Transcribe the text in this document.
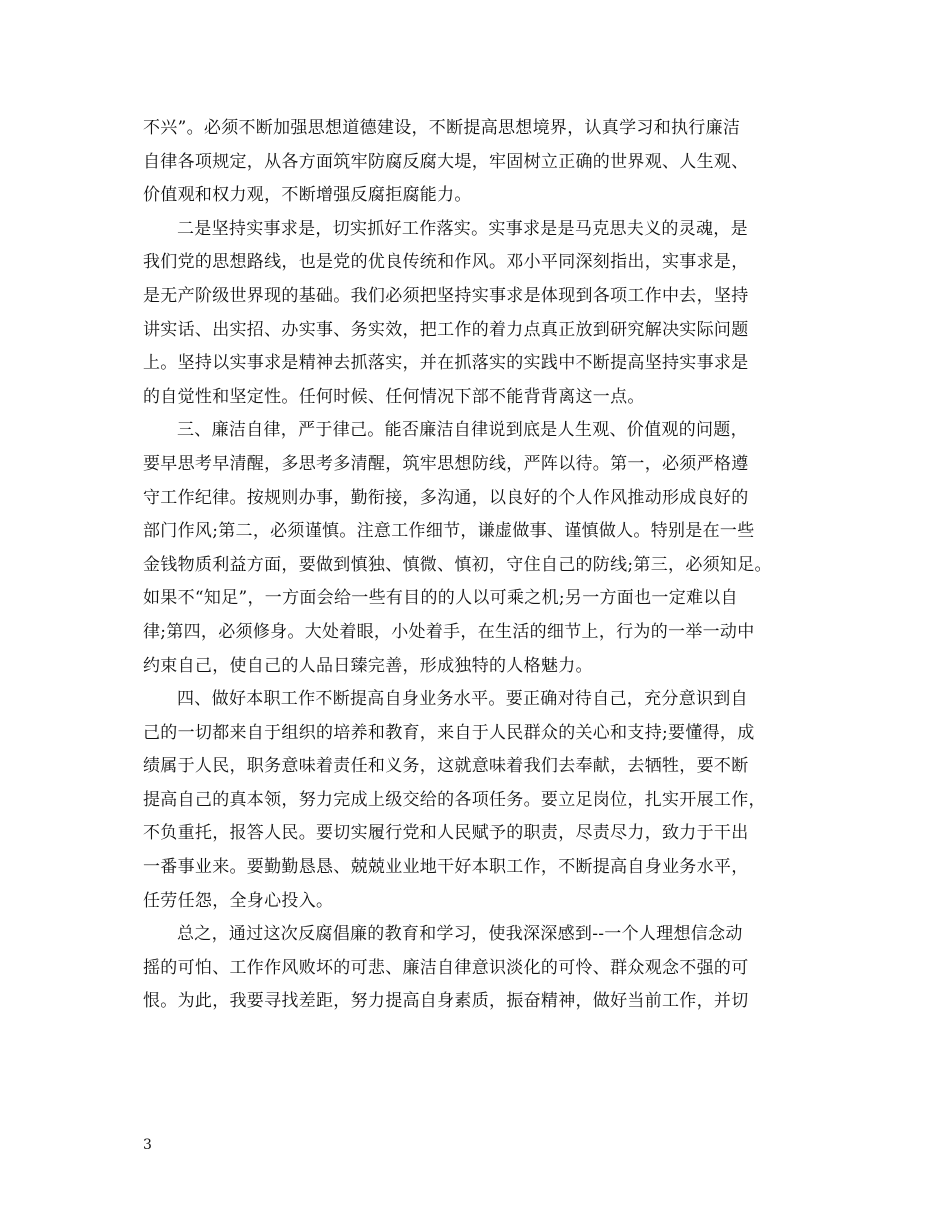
不兴”。必须不断加强思想道德建设，不断提高思想境界，认真学习和执行廉洁
自律各项规定，从各方面筑牢防腐反腐大堤，牢固树立正确的世界观、人生观、
价值观和权力观，不断增强反腐拒腐能力。
二是坚持实事求是，切实抓好工作落实。实事求是是马克思夫义的灵魂，是
我们党的思想路线，也是党的优良传统和作风。邓小平同深刻指出，实事求是，
是无产阶级世界现的基础。我们必须把坚持实事求是体现到各项工作中去，坚持
讲实话、出实招、办实事、务实效，把工作的着力点真正放到研究解决实际问题
上。坚持以实事求是精神去抓落实，并在抓落实的实践中不断提高坚持实事求是
的自觉性和坚定性。任何时候、任何情况下部不能背背离这一点。
三、廉洁自律，严于律己。能否廉洁自律说到底是人生观、价值观的问题，
要早思考早清醒，多思考多清醒，筑牢思想防线，严阵以待。第一，必须严格遵
守工作纪律。按规则办事，勤衔接，多沟通，以良好的个人作风推动形成良好的
部门作风;第二，必须谨慎。注意工作细节，谦虚做事、谨慎做人。特别是在一些
金钱物质利益方面，要做到慎独、慎微、慎初，守住自己的防线;第三，必须知足。
如果不“知足”，一方面会给一些有目的的人以可乘之机;另一方面也一定难以自
律;第四，必须修身。大处着眼，小处着手，在生活的细节上，行为的一举一动中
约束自己，使自己的人品日臻完善，形成独特的人格魅力。
四、做好本职工作不断提高自身业务水平。要正确对待自己，充分意识到自
己的一切都来自于组织的培养和教育，来自于人民群众的关心和支持;要懂得，成
绩属于人民，职务意味着责任和义务，这就意味着我们去奉献，去牺牲，要不断
提高自己的真本领，努力完成上级交给的各项任务。要立足岗位，扎实开展工作，
不负重托，报答人民。要切实履行党和人民赋予的职责，尽责尽力，致力于干出
一番事业来。要勤勤恳恳、兢兢业业地干好本职工作，不断提高自身业务水平，
任劳任怨，全身心投入。
总之，通过这次反腐倡廉的教育和学习，使我深深感到--一个人理想信念动
摇的可怕、工作作风败坏的可悲、廉洁自律意识淡化的可怜、群众观念不强的可
恨。为此，我要寻找差距，努力提高自身素质，振奋精神，做好当前工作，并切
3
